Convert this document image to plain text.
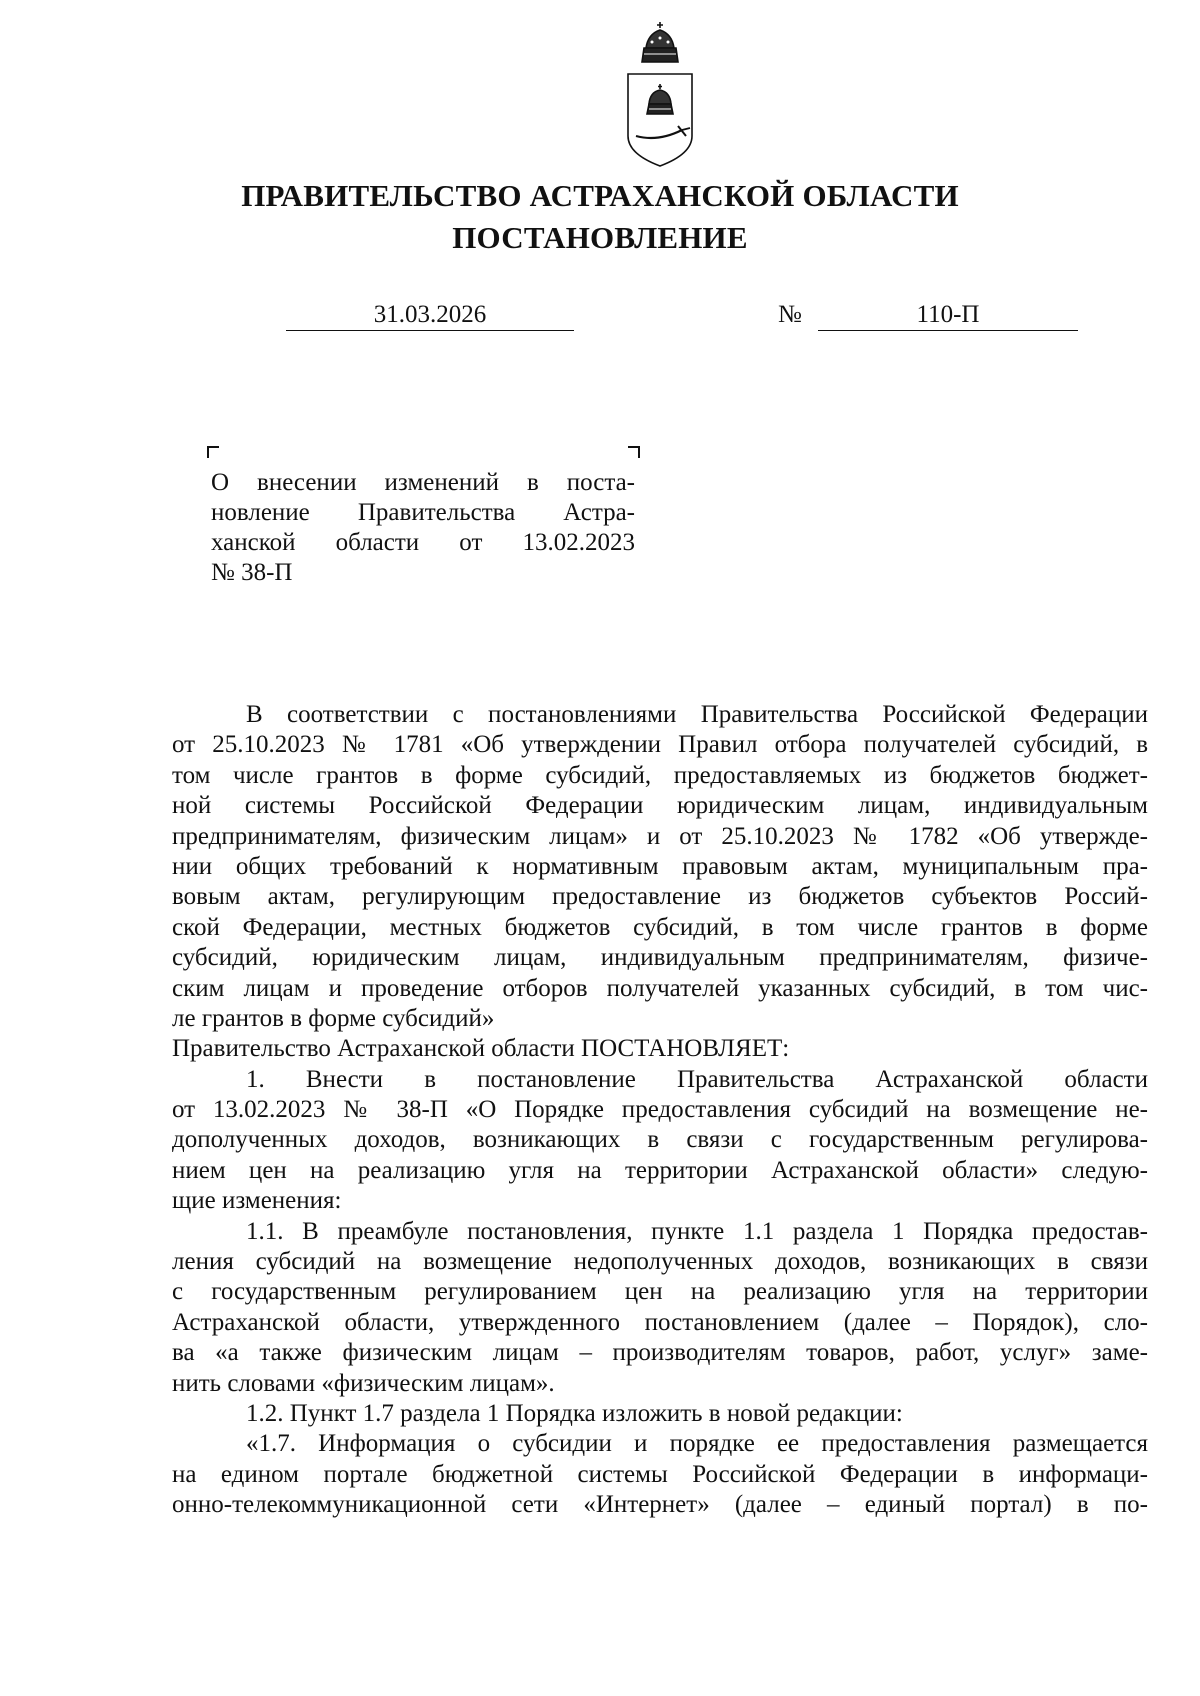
ПРАВИТЕЛЬСТВО АСТРАХАНСКОЙ ОБЛАСТИ
ПОСТАНОВЛЕНИЕ
31.03.2026	№	110-П
О внесении изменений в поста-
новление Правительства Астра-
ханской области от 13.02.2023
№ 38-П
В соответствии с постановлениями Правительства Российской Федерации
от 25.10.2023 № 1781 «Об утверждении Правил отбора получателей субсидий, в
том числе грантов в форме субсидий, предоставляемых из бюджетов бюджет-
ной системы Российской Федерации юридическим лицам, индивидуальным
предпринимателям, физическим лицам» и от 25.10.2023 № 1782 «Об утвержде-
нии общих требований к нормативным правовым актам, муниципальным пра-
вовым актам, регулирующим предоставление из бюджетов субъектов Россий-
ской Федерации, местных бюджетов субсидий, в том числе грантов в форме
субсидий, юридическим лицам, индивидуальным предпринимателям, физиче-
ским лицам и проведение отборов получателей указанных субсидий, в том чис-
ле грантов в форме субсидий»
Правительство Астраханской области ПОСТАНОВЛЯЕТ:
1. Внести в постановление Правительства Астраханской области
от 13.02.2023 № 38-П «О Порядке предоставления субсидий на возмещение не-
дополученных доходов, возникающих в связи с государственным регулирова-
нием цен на реализацию угля на территории Астраханской области» следую-
щие изменения:
1.1. В преамбуле постановления, пункте 1.1 раздела 1 Порядка предостав-
ления субсидий на возмещение недополученных доходов, возникающих в связи
с государственным регулированием цен на реализацию угля на территории
Астраханской области, утвержденного постановлением (далее – Порядок), сло-
ва «а также физическим лицам – производителям товаров, работ, услуг» заме-
нить словами «физическим лицам».
1.2. Пункт 1.7 раздела 1 Порядка изложить в новой редакции:
«1.7. Информация о субсидии и порядке ее предоставления размещается
на едином портале бюджетной системы Российской Федерации в информаци-
онно-телекоммуникационной сети «Интернет» (далее – единый портал) в по-
